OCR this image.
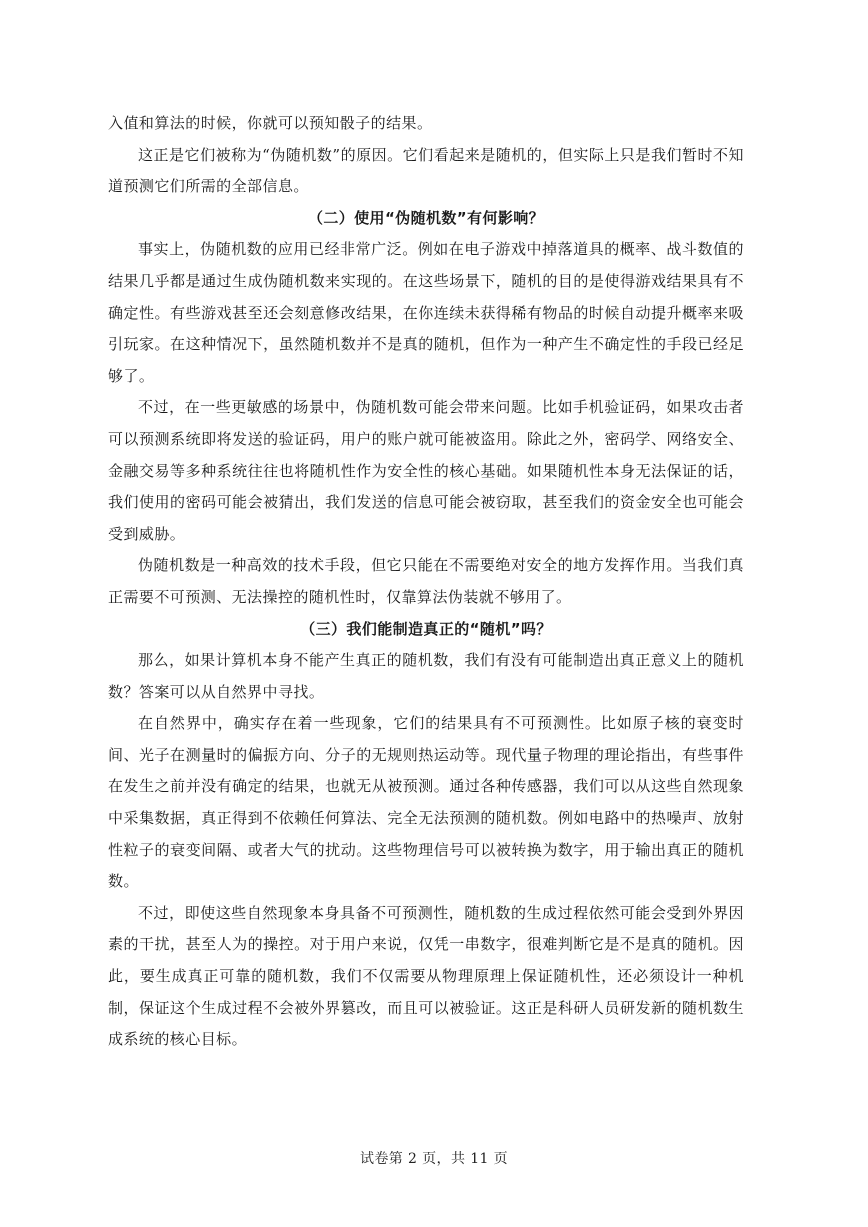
入值和算法的时候，你就可以预知骰子的结果。

这正是它们被称为“伪随机数”的原因。它们看起来是随机的，但实际上只是我们暂时不知道预测它们所需的全部信息。

（二）使用“伪随机数”有何影响？

事实上，伪随机数的应用已经非常广泛。例如在电子游戏中掉落道具的概率、战斗数值的结果几乎都是通过生成伪随机数来实现的。在这些场景下，随机的目的是使得游戏结果具有不确定性。有些游戏甚至还会刻意修改结果，在你连续未获得稀有物品的时候自动提升概率来吸引玩家。在这种情况下，虽然随机数并不是真的随机，但作为一种产生不确定性的手段已经足够了。

不过，在一些更敏感的场景中，伪随机数可能会带来问题。比如手机验证码，如果攻击者可以预测系统即将发送的验证码，用户的账户就可能被盗用。除此之外，密码学、网络安全、金融交易等多种系统往往也将随机性作为安全性的核心基础。如果随机性本身无法保证的话，我们使用的密码可能会被猜出，我们发送的信息可能会被窃取，甚至我们的资金安全也可能会受到威胁。

伪随机数是一种高效的技术手段，但它只能在不需要绝对安全的地方发挥作用。当我们真正需要不可预测、无法操控的随机性时，仅靠算法伪装就不够用了。

（三）我们能制造真正的“随机”吗？

那么，如果计算机本身不能产生真正的随机数，我们有没有可能制造出真正意义上的随机数？答案可以从自然界中寻找。

在自然界中，确实存在着一些现象，它们的结果具有不可预测性。比如原子核的衰变时间、光子在测量时的偏振方向、分子的无规则热运动等。现代量子物理的理论指出，有些事件在发生之前并没有确定的结果，也就无从被预测。通过各种传感器，我们可以从这些自然现象中采集数据，真正得到不依赖任何算法、完全无法预测的随机数。例如电路中的热噪声、放射性粒子的衰变间隔、或者大气的扰动。这些物理信号可以被转换为数字，用于输出真正的随机数。

不过，即使这些自然现象本身具备不可预测性，随机数的生成过程依然可能会受到外界因素的干扰，甚至人为的操控。对于用户来说，仅凭一串数字，很难判断它是不是真的随机。因此，要生成真正可靠的随机数，我们不仅需要从物理原理上保证随机性，还必须设计一种机制，保证这个生成过程不会被外界篡改，而且可以被验证。这正是科研人员研发新的随机数生成系统的核心目标。

试卷第 2 页，共 11 页
